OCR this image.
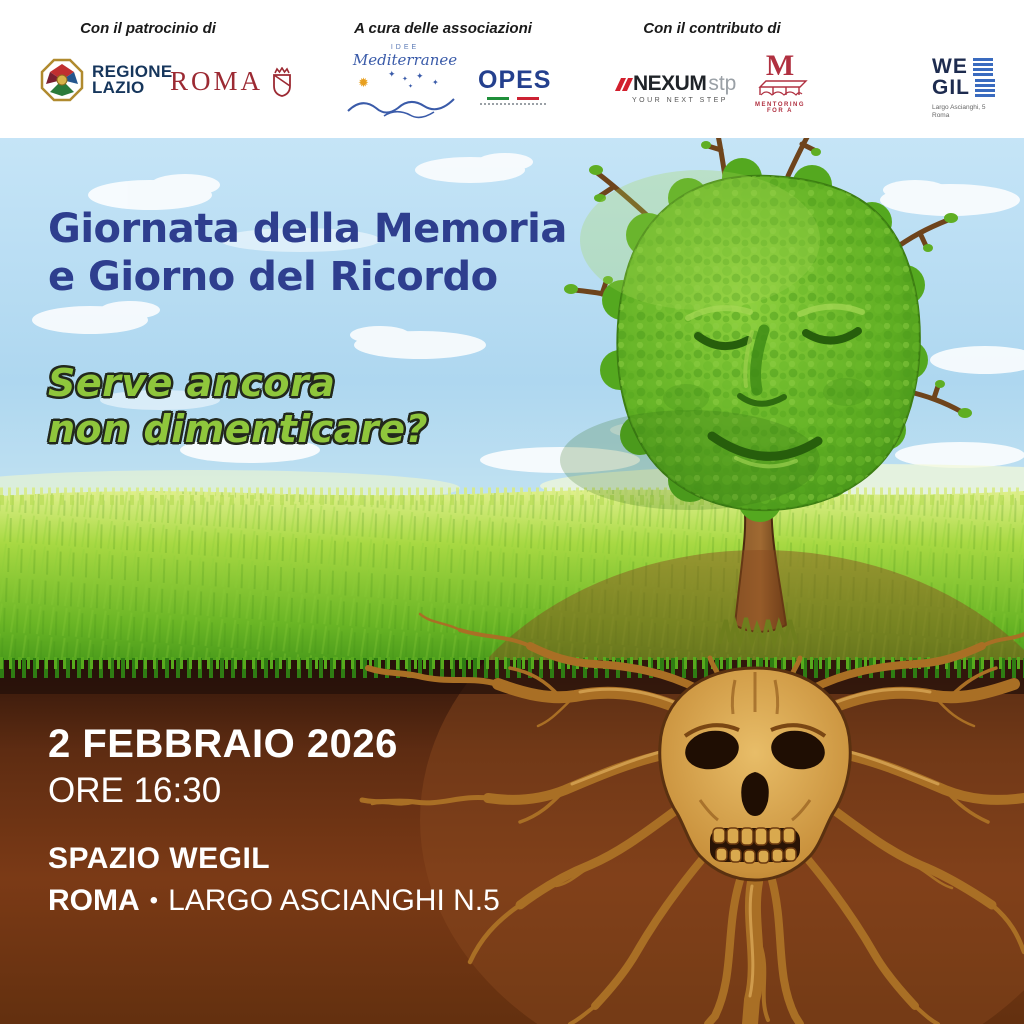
Con il patrocinio di	A cura delle associazioni	Con il contributo di
REGIONE
LAZIO ROMA
IDEE
Mediterranee
✹
✦
✦ ✦
✦
✦	OPES	NEXUM stp
YOUR NEXT STEP
M
MENTORING
FOR A
WE
GIL
Largo Ascianghi, 5
Roma
Giornata della Memoria
e Giorno del Ricordo
Serve ancora
non dimenticare?
2 FEBBRAIO 2026
ORE 16:30
SPAZIO WEGIL
ROMA • LARGO ASCIANGHI N.5
